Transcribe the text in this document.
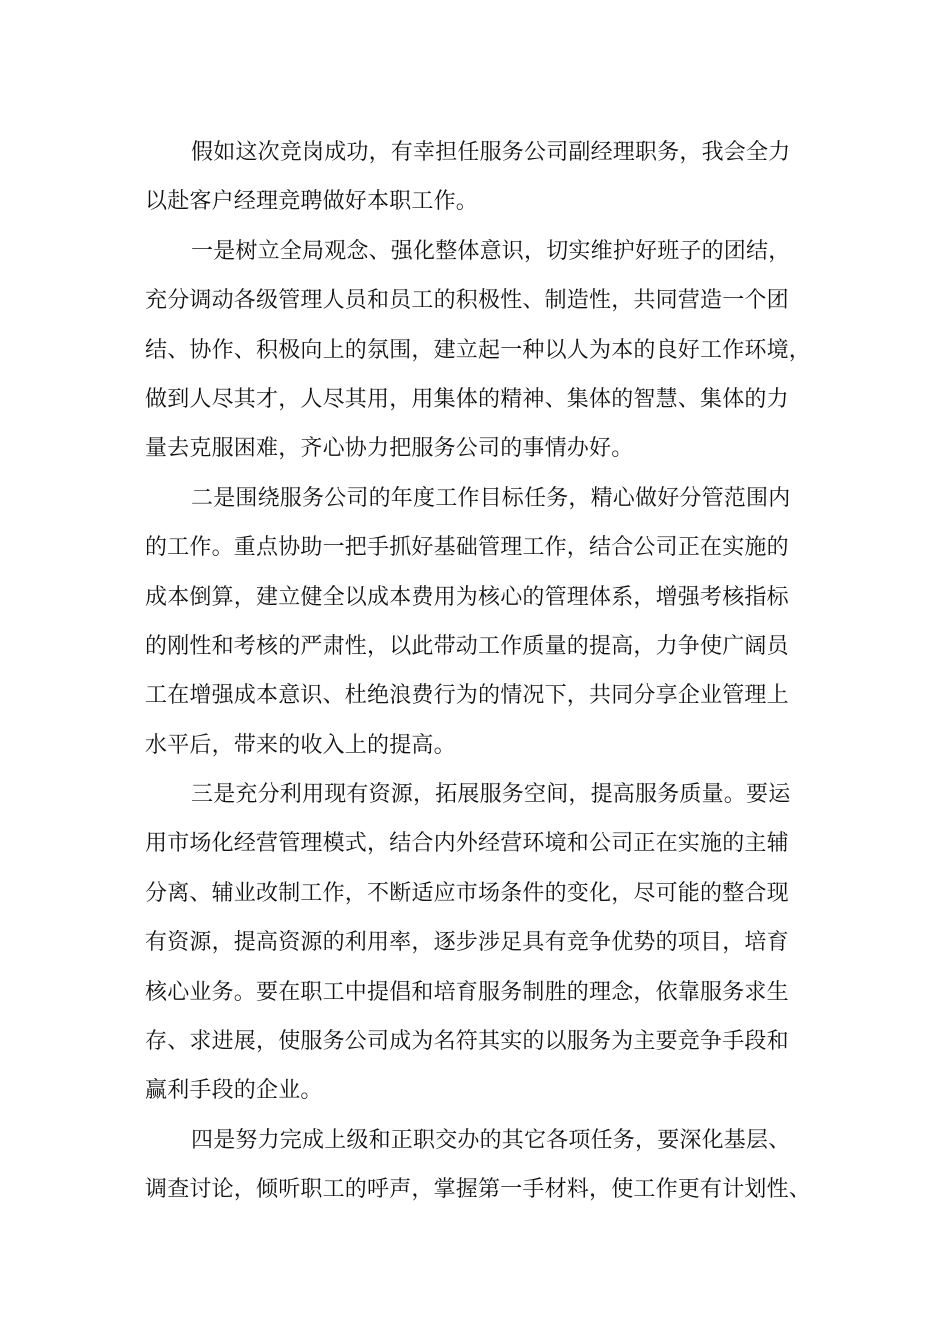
假如这次竞岗成功，有幸担任服务公司副经理职务，我会全力
以赴客户经理竞聘做好本职工作。
一是树立全局观念、强化整体意识，切实维护好班子的团结，
充分调动各级管理人员和员工的积极性、制造性，共同营造一个团
结、协作、积极向上的氛围，建立起一种以人为本的良好工作环境，
做到人尽其才，人尽其用，用集体的精神、集体的智慧、集体的力
量去克服困难，齐心协力把服务公司的事情办好。
二是围绕服务公司的年度工作目标任务，精心做好分管范围内
的工作。重点协助一把手抓好基础管理工作，结合公司正在实施的
成本倒算，建立健全以成本费用为核心的管理体系，增强考核指标
的刚性和考核的严肃性，以此带动工作质量的提高，力争使广阔员
工在增强成本意识、杜绝浪费行为的情况下，共同分享企业管理上
水平后，带来的收入上的提高。
三是充分利用现有资源，拓展服务空间，提高服务质量。要运
用市场化经营管理模式，结合内外经营环境和公司正在实施的主辅
分离、辅业改制工作，不断适应市场条件的变化，尽可能的整合现
有资源，提高资源的利用率，逐步涉足具有竞争优势的项目，培育
核心业务。要在职工中提倡和培育服务制胜的理念，依靠服务求生
存、求进展，使服务公司成为名符其实的以服务为主要竞争手段和
赢利手段的企业。
四是努力完成上级和正职交办的其它各项任务，要深化基层、
调查讨论，倾听职工的呼声，掌握第一手材料，使工作更有计划性、
